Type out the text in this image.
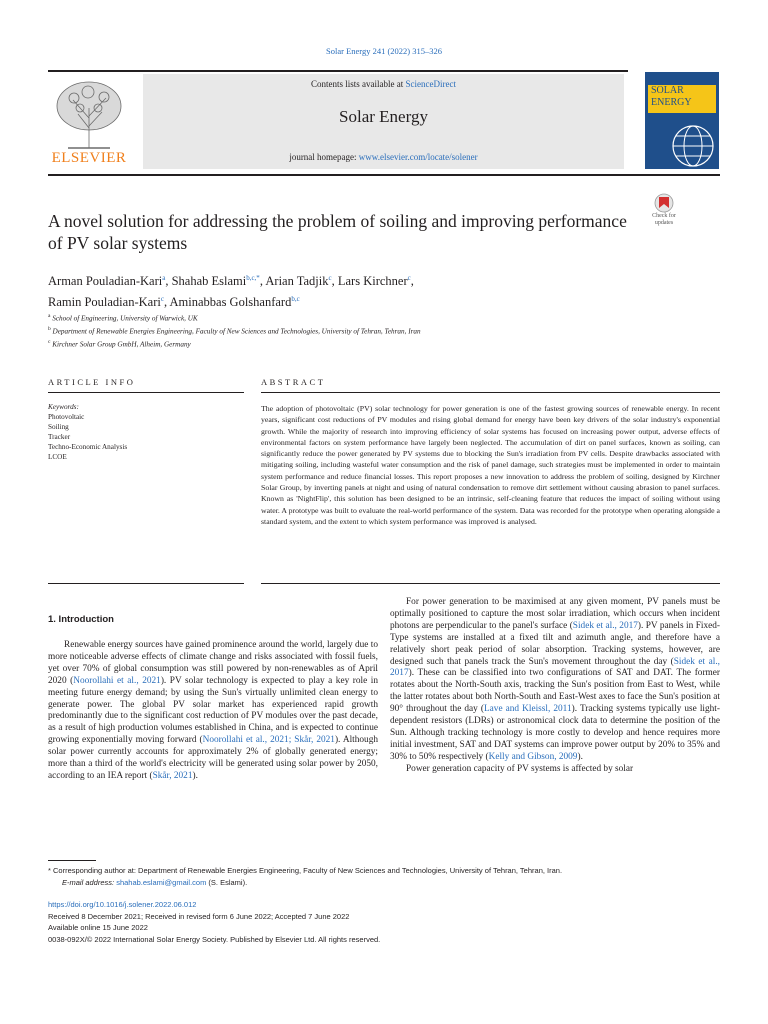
Solar Energy 241 (2022) 315–326
ELSEVIER
Contents lists available at ScienceDirect
Solar Energy
journal homepage: www.elsevier.com/locate/solener
SOLAR
ENERGY
Check for
updates
A novel solution for addressing the problem of soiling and improving performance of PV solar systems
Arman Pouladian-Kari$^a$, Shahab Eslami$^{b,c,*}$, Arian Tadjik$^c$, Lars Kirchner$^c$,
Ramin Pouladian-Kari$^c$, Aminabbas Golshanfard$^{b,c}$
$^a$ School of Engineering, University of Warwick, UK
$^b$ Department of Renewable Energies Engineering, Faculty of New Sciences and Technologies, University of Tehran, Tehran, Iran
$^c$ Kirchner Solar Group GmbH, Alheim, Germany
ARTICLE INFO	ABSTRACT
Keywords:
Photovoltaic
Soiling
Tracker
Techno-Economic Analysis
LCOE
The adoption of photovoltaic (PV) solar technology for power generation is one of the fastest growing sources of renewable energy. In recent years, significant cost reductions of PV modules and rising global demand for energy have been key drivers of the solar industry's exponential growth. While the majority of research into improving efficiency of solar systems has focused on increasing power output, adverse effects of environmental factors on system performance have largely been neglected. The accumulation of dirt on panel surfaces, known as soiling, can significantly reduce the power generated by PV systems due to blocking the Sun's irradiation from PV cells. Despite drawbacks associated with mitigating soiling, including wasteful water consumption and the risk of panel damage, such strategies must be implemented in order to maintain system performance and reduce financial losses. This report proposes a new innovation to address the problem of soiling, designed by Kirchner Solar Group, by inverting panels at night and using of natural condensation to remove dirt settlement without causing abrasion to panel surfaces. Known as 'NightFlip', this solution has been designed to be an intrinsic, self-cleaning feature that reduces the impact of soiling without using water. A prototype was built to evaluate the real-world performance of the system. Data was recorded for the prototype when operating alongside a standard system, and the extent to which system performance was improved is analysed.
1. Introduction

Renewable energy sources have gained prominence around the world, largely due to more noticeable adverse effects of climate change and risks associated with fossil fuels, yet over 70% of global consumption was still powered by non-renewables as of April 2020 (Noorollahi et al., 2021). PV solar technology is expected to play a key role in meeting future energy demand; by using the Sun's virtually unlimited clean energy to generate power. The global PV solar market has experienced rapid growth predominantly due to the significant cost reduction of PV modules over the past decade, as a result of high production volumes established in China, and is expected to continue growing exponentially moving forward (Noorollahi et al., 2021; Skår, 2021). Although solar power currently accounts for approximately 2% of globally generated energy; more than a third of the world's electricity will be generated using solar power by 2050, according to an IEA report (Skår, 2021).

For power generation to be maximised at any given moment, PV panels must be optimally positioned to capture the most solar irradiation, which occurs when incident photons are perpendicular to the panel's surface (Sidek et al., 2017). PV panels in Fixed-Type systems are installed at a fixed tilt and azimuth angle, and therefore have a relatively short peak period of solar absorption. Tracking systems, however, are designed such that panels track the Sun's movement throughout the day (Sidek et al., 2017). These can be classified into two configurations of SAT and DAT. The former rotates about the North-South axis, tracking the Sun's position from East to West, while the latter rotates about both North-South and East-West axes to face the Sun's position at 90° throughout the day (Lave and Kleissl, 2011). Tracking systems typically use light-dependent resistors (LDRs) or astronomical clock data to determine the position of the Sun. Although tracking technology is more costly to develop and hence requires more initial investment, SAT and DAT systems can improve power output by 20% to 35% and 30% to 50% respectively (Kelly and Gibson, 2009).

Power generation capacity of PV systems is affected by solar

* Corresponding author at: Department of Renewable Energies Engineering, Faculty of New Sciences and Technologies, University of Tehran, Tehran, Iran.
E-mail address: shahab.eslami@gmail.com (S. Eslami).
https://doi.org/10.1016/j.solener.2022.06.012
Received 8 December 2021; Received in revised form 6 June 2022; Accepted 7 June 2022
Available online 15 June 2022
0038-092X/© 2022 International Solar Energy Society. Published by Elsevier Ltd. All rights reserved.
